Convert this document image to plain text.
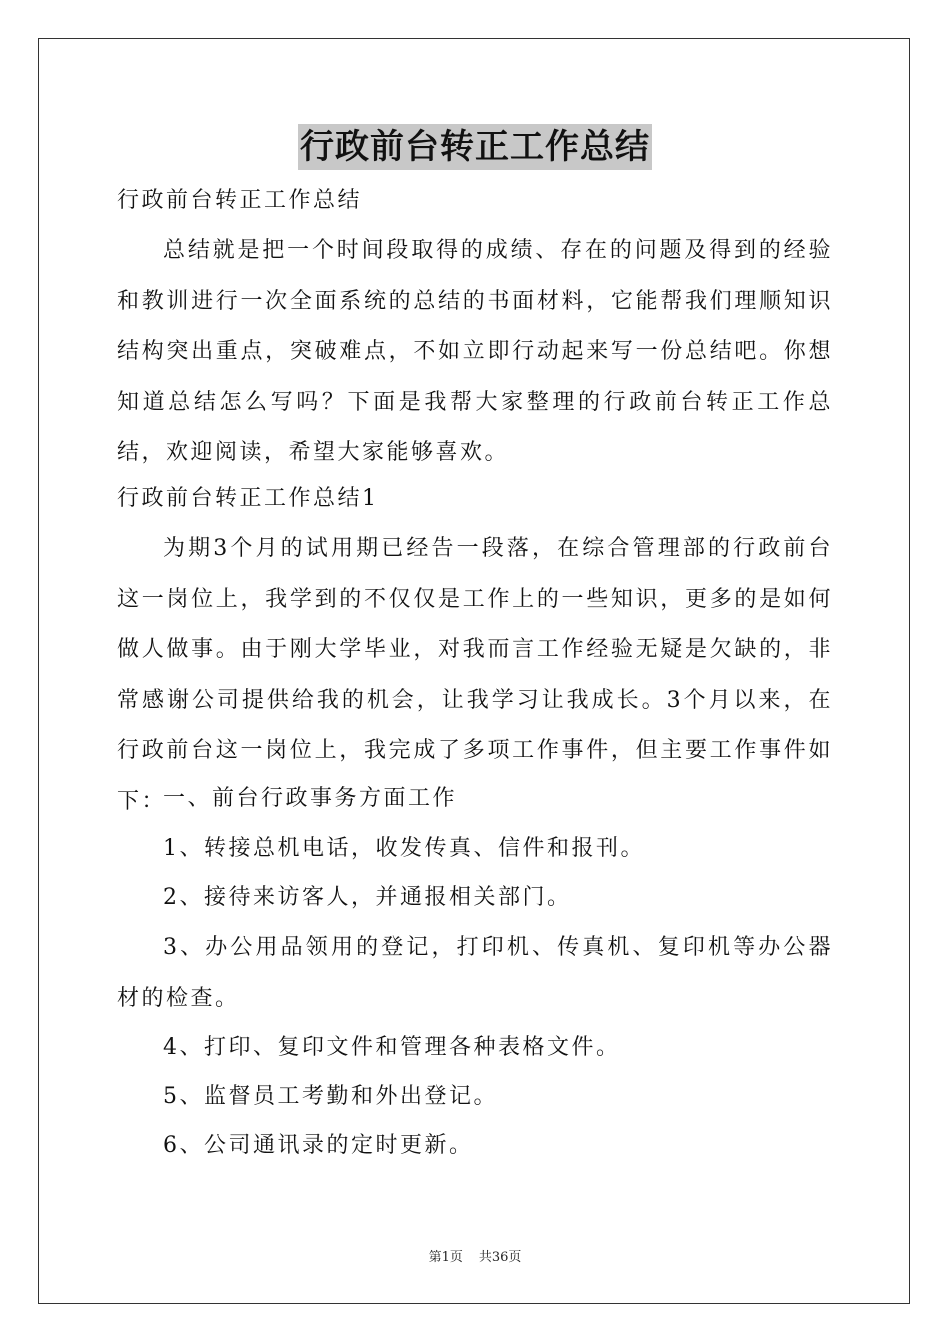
行政前台转正工作总结

行政前台转正工作总结

总结就是把一个时间段取得的成绩、存在的问题及得到的经验和教训进行一次全面系统的总结的书面材料，它能帮我们理顺知识结构突出重点，突破难点，不如立即行动起来写一份总结吧。你想知道总结怎么写吗？下面是我帮大家整理的行政前台转正工作总结，欢迎阅读，希望大家能够喜欢。

行政前台转正工作总结1

为期3个月的试用期已经告一段落，在综合管理部的行政前台这一岗位上，我学到的不仅仅是工作上的一些知识，更多的是如何做人做事。由于刚大学毕业，对我而言工作经验无疑是欠缺的，非常感谢公司提供给我的机会，让我学习让我成长。3个月以来，在行政前台这一岗位上，我完成了多项工作事件，但主要工作事件如下：

一、前台行政事务方面工作

1、转接总机电话，收发传真、信件和报刊。

2、接待来访客人，并通报相关部门。

3、办公用品领用的登记，打印机、传真机、复印机等办公器材的检查。

4、打印、复印文件和管理各种表格文件。

5、监督员工考勤和外出登记。

6、公司通讯录的定时更新。

第1页 共36页
